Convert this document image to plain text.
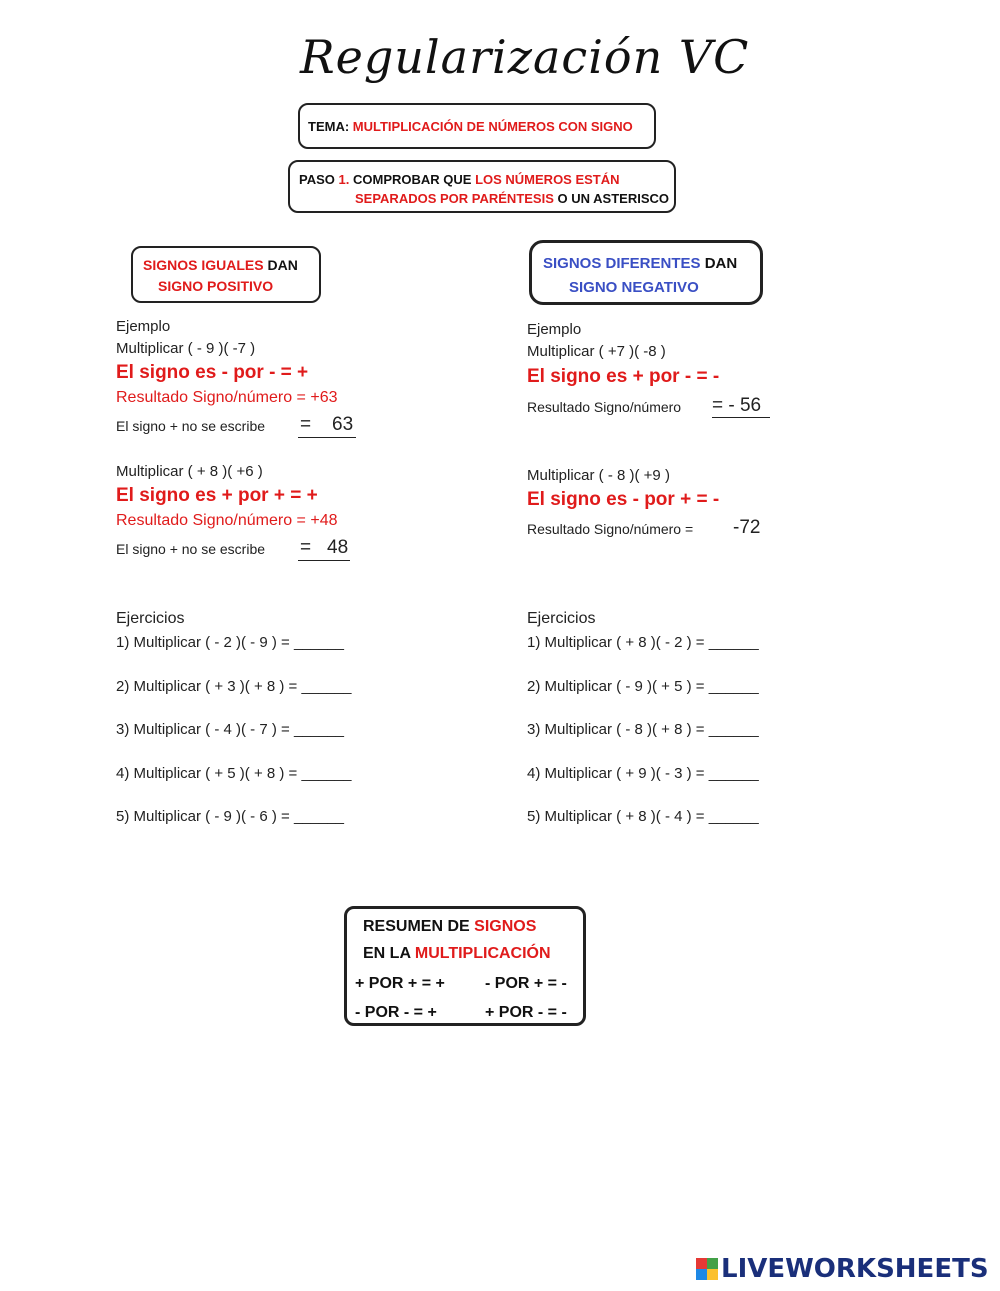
Regularización VC
TEMA: MULTIPLICACIÓN DE NÚMEROS CON SIGNO
PASO 1. COMPROBAR QUE LOS NÚMEROS ESTÁN
SEPARADOS POR PARÉNTESIS O UN ASTERISCO
SIGNOS IGUALES DAN
SIGNO POSITIVO
SIGNOS DIFERENTES DAN
SIGNO NEGATIVO
Ejemplo
Multiplicar ( - 9 )( -7 )
El signo es - por - = +
Resultado Signo/número = +63
El signo + no se escribe = 63
Multiplicar ( + 8 )( +6 )
El signo es + por + = +
Resultado Signo/número = +48
El signo + no se escribe = 48
Ejemplo
Multiplicar ( +7 )( -8 )
El signo es + por - = -
Resultado Signo/número = - 56
Multiplicar ( - 8 )( +9 )
El signo es - por + = -
Resultado Signo/número = -72
Ejercicios
1) Multiplicar ( - 2 )( - 9 ) = ______
2) Multiplicar ( + 3 )( + 8 ) = ______
3) Multiplicar ( - 4 )( - 7 ) = ______
4) Multiplicar ( + 5 )( + 8 ) = ______
5) Multiplicar ( - 9 )( - 6 ) = ______
Ejercicios
1) Multiplicar ( + 8 )( - 2 ) = ______
2) Multiplicar ( - 9 )( + 5 ) = ______
3) Multiplicar ( - 8 )( + 8 ) = ______
4) Multiplicar ( + 9 )( - 3 ) = ______
5) Multiplicar ( + 8 )( - 4 ) = ______
RESUMEN DE SIGNOS
EN LA MULTIPLICACIÓN
+ POR + = +	- POR + = -
- POR - = +	+ POR - = -
LIVEWORKSHEETS
